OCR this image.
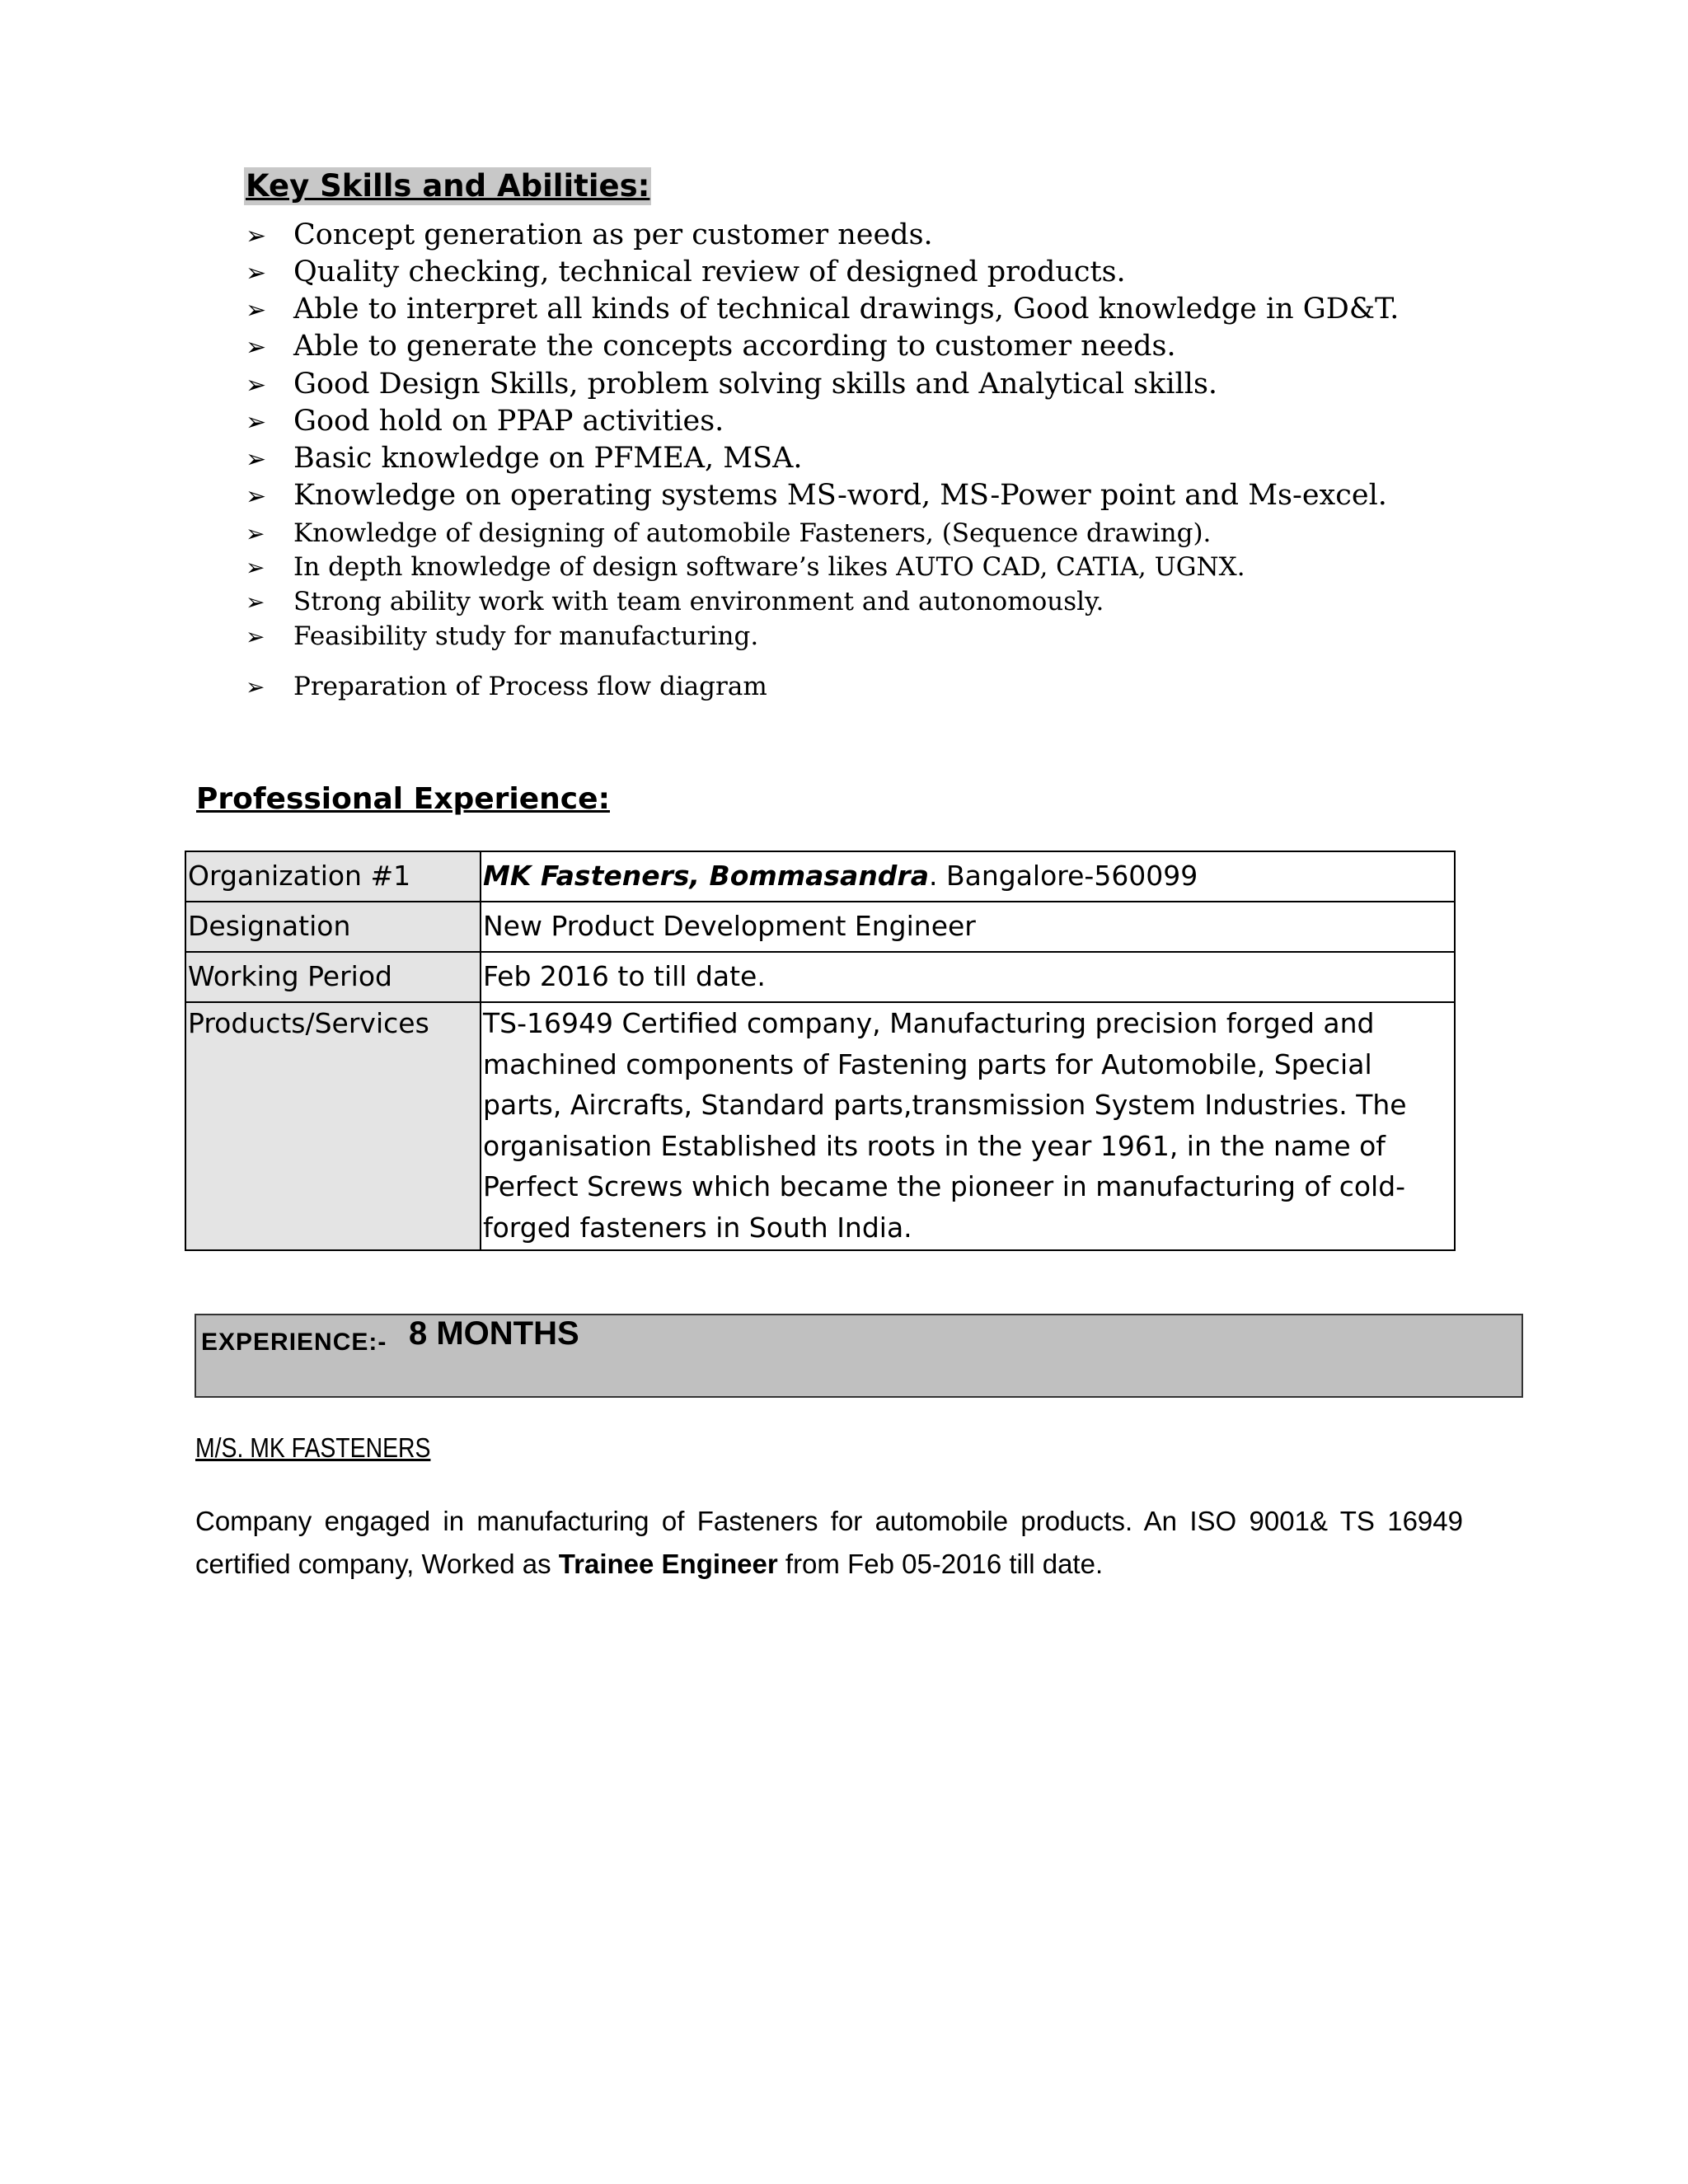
Key Skills and Abilities:
➢ Concept generation as per customer needs.
➢ Quality checking, technical review of designed products.
➢ Able to interpret all kinds of technical drawings, Good knowledge in GD&T.
➢ Able to generate the concepts according to customer needs.
➢ Good Design Skills, problem solving skills and Analytical skills.
➢ Good hold on PPAP activities.
➢ Basic knowledge on PFMEA, MSA.
➢ Knowledge on operating systems MS-word, MS-Power point and Ms-excel.
➢ Knowledge of designing of automobile Fasteners, (Sequence drawing).
➢ In depth knowledge of design software’s likes AUTO CAD, CATIA, UGNX.
➢ Strong ability work with team environment and autonomously.
➢ Feasibility study for manufacturing.
➢ Preparation of Process flow diagram
Professional Experience:
Organization #1	MK Fasteners, Bommasandra. Bangalore-560099
Designation	New Product Development Engineer
Working Period	Feb 2016 to till date.
Products/Services	TS-16949 Certified company, Manufacturing precision forged and machined components of Fastening parts for Automobile, Special parts, Aircrafts, Standard parts,transmission System Industries. The organisation Established its roots in the year 1961, in the name of Perfect Screws which became the pioneer in manufacturing of cold-forged fasteners in South India.
EXPERIENCE:- 8 MONTHS
M/S. MK FASTENERS
Company engaged in manufacturing of Fasteners for automobile products. An ISO 9001& TS 16949 certified company, Worked as Trainee Engineer from Feb 05-2016 till date.
